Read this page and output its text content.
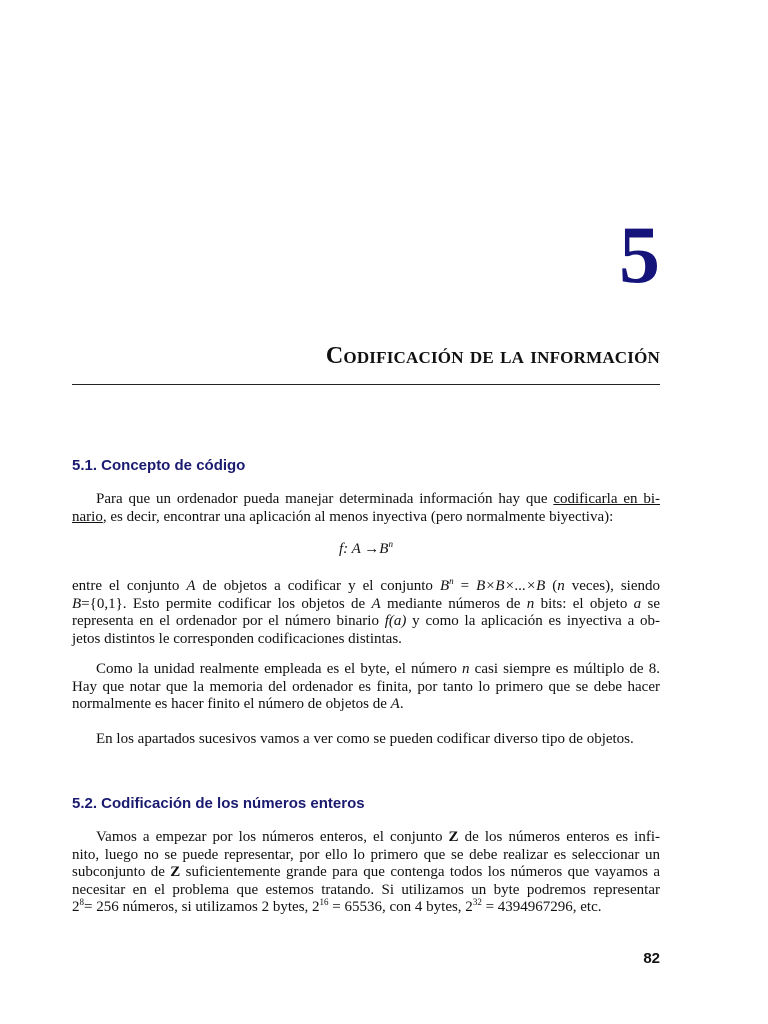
5
Codificación de la información
5.1. Concepto de código

Para que un ordenador pueda manejar determinada información hay que codificarla en bi-
nario, es decir, encontrar una aplicación al menos inyectiva (pero normalmente biyectiva):

f: $A \to B^n$

entre el conjunto A de objetos a codificar y el conjunto $B^n = B\times B\times...\times B$ (n veces), siendo
B={0,1}. Esto permite codificar los objetos de A mediante números de n bits: el objeto a se
representa en el ordenador por el número binario f(a) y como la aplicación es inyectiva a ob-
jetos distintos le corresponden codificaciones distintas.

Como la unidad realmente empleada es el byte, el número n casi siempre es múltiplo de 8.
Hay que notar que la memoria del ordenador es finita, por tanto lo primero que se debe hacer
normalmente es hacer finito el número de objetos de A.

En los apartados sucesivos vamos a ver como se pueden codificar diverso tipo de objetos.

5.2. Codificación de los números enteros

Vamos a empezar por los números enteros, el conjunto Z de los números enteros es infi-
nito, luego no se puede representar, por ello lo primero que se debe realizar es seleccionar un
subconjunto de Z suficientemente grande para que contenga todos los números que vayamos a
necesitar en el problema que estemos tratando. Si utilizamos un byte podremos representar
$2^8= 256$ números, si utilizamos 2 bytes, $2^{16} = 65536$, con 4 bytes, $2^{32} = 4394967296$, etc.

82
